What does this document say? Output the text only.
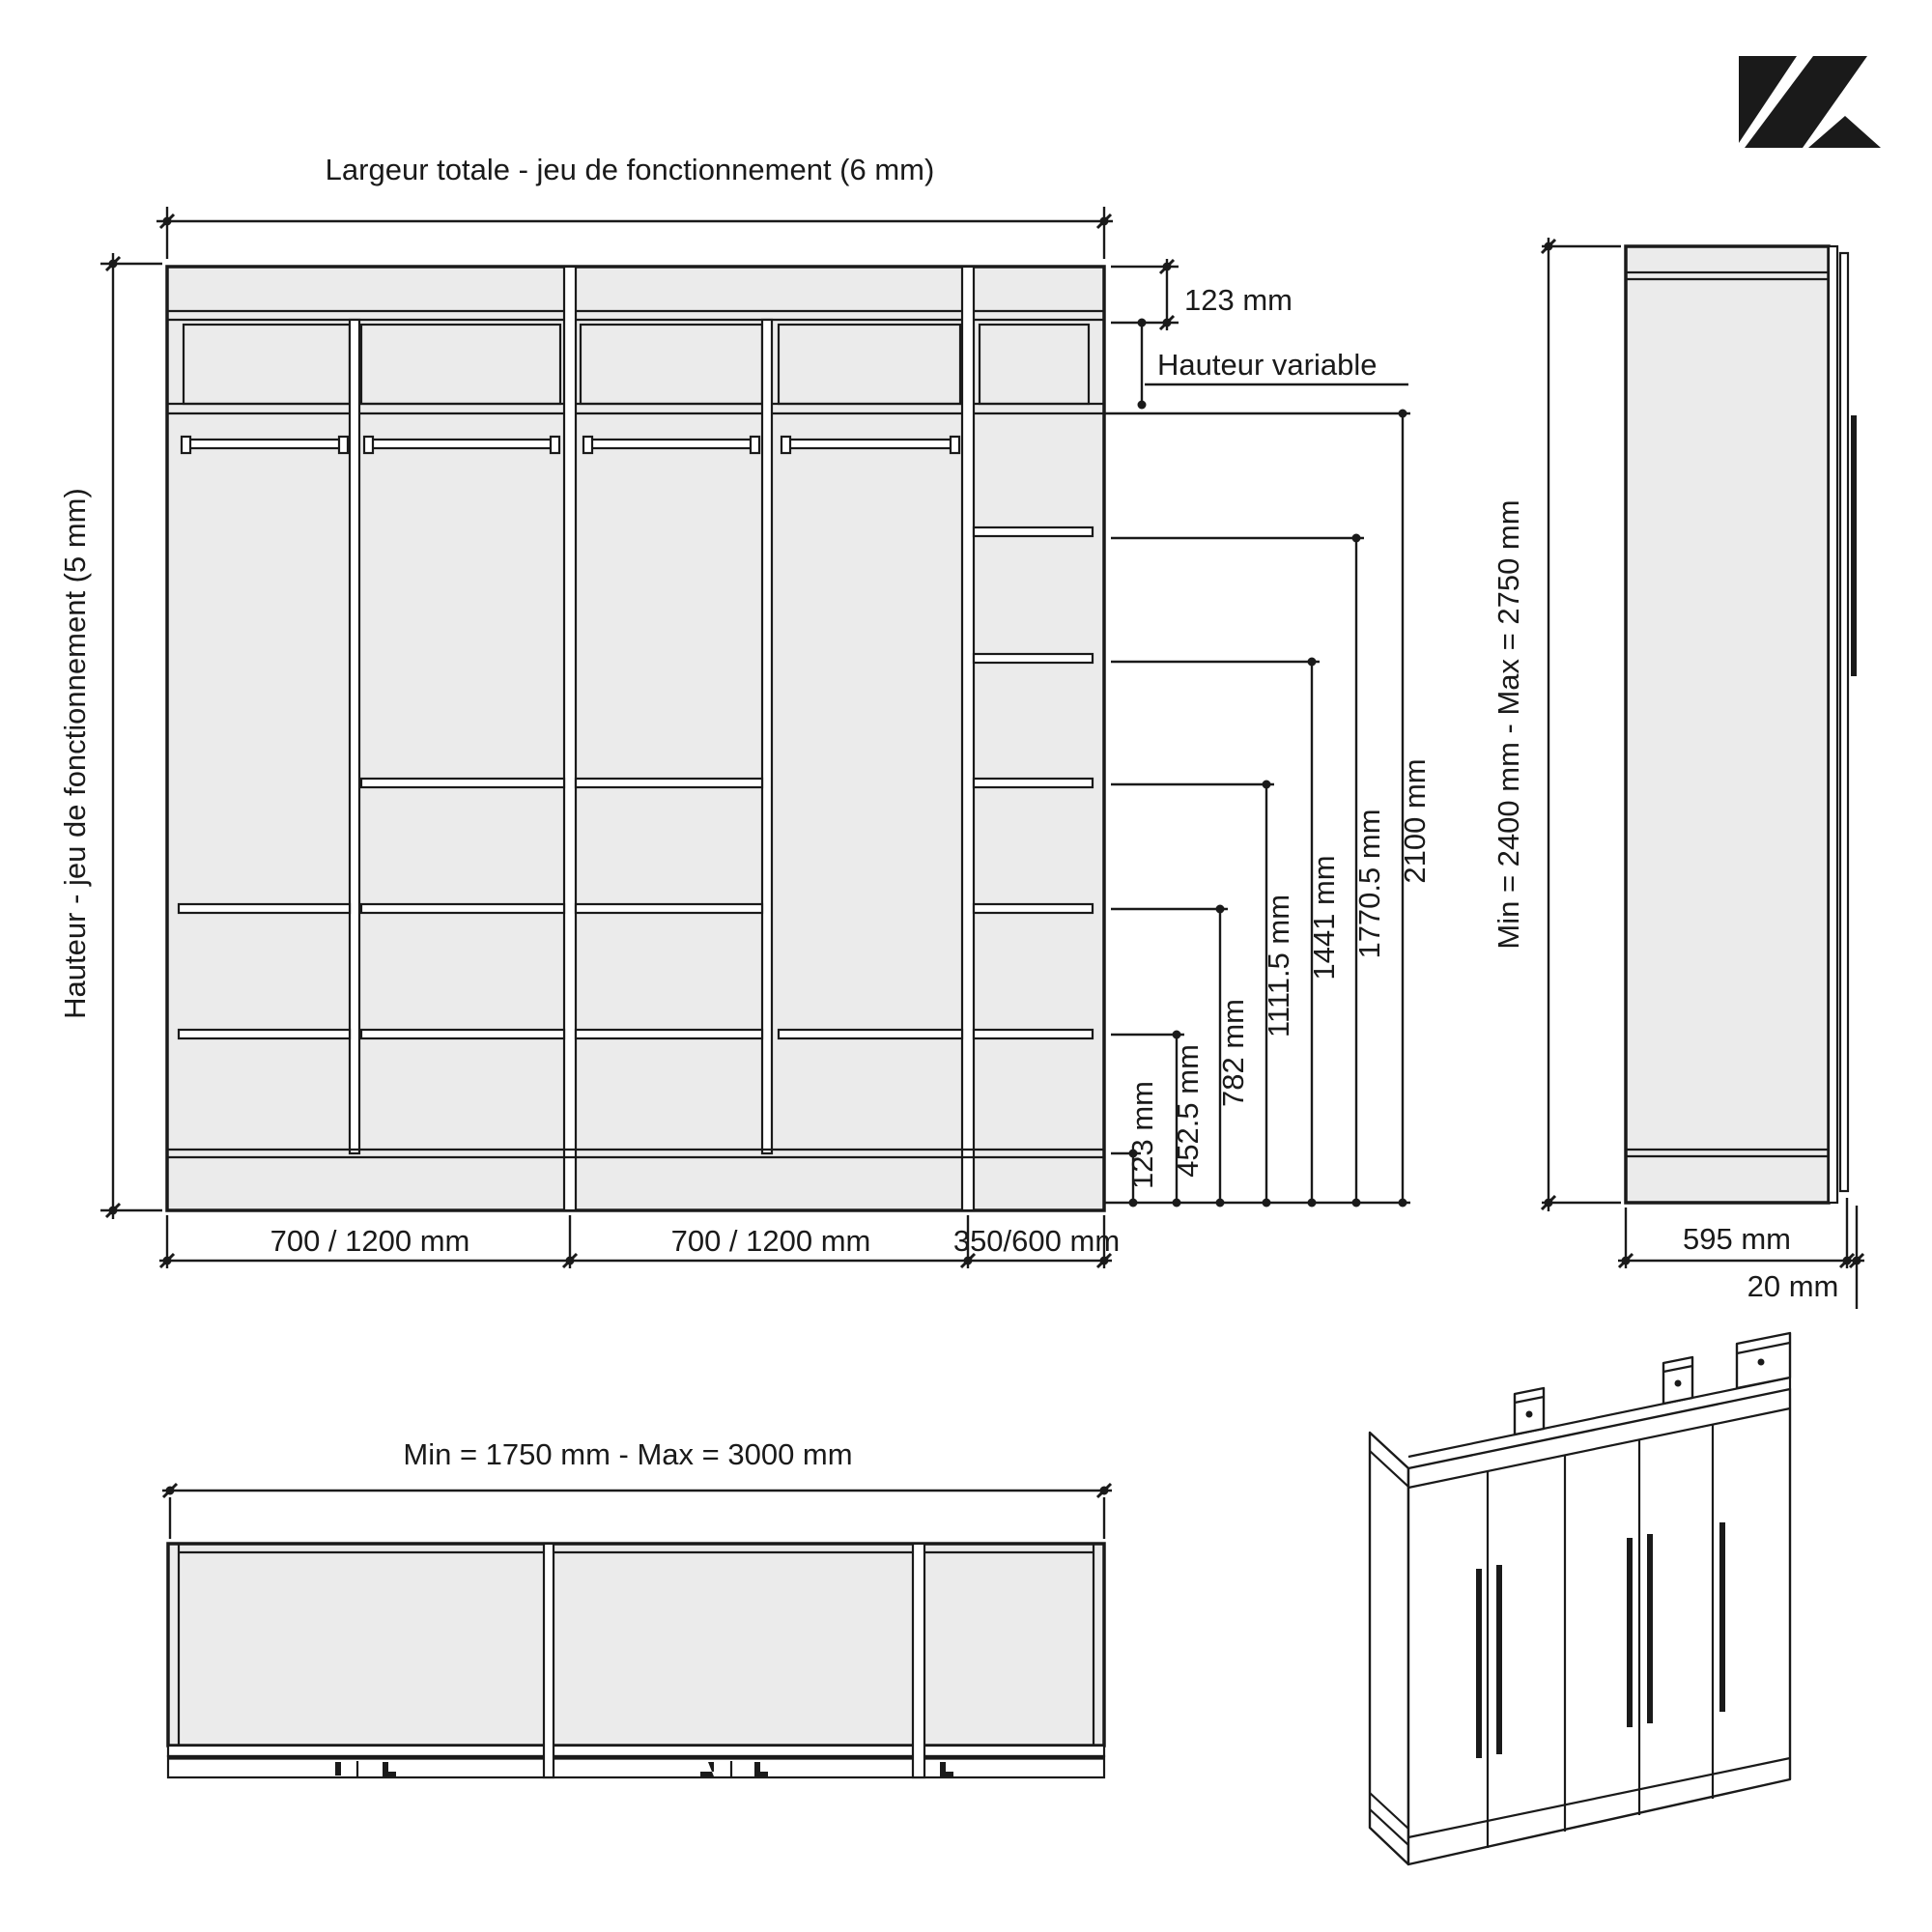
Largeur totale - jeu de fonctionnement (6 mm)
Hauteur - jeu de fonctionnement (5 mm)
123 mm
Hauteur variable
123 mm 452.5 mm 782 mm
1111.5 mm 1441 mm 1770.5 mm 2100 mm
700 / 1200 mm	700 / 1200 mm	350/600 mm
Min = 2400 mm - Max = 2750 mm
595 mm
20 mm
Min = 1750 mm - Max = 3000 mm
